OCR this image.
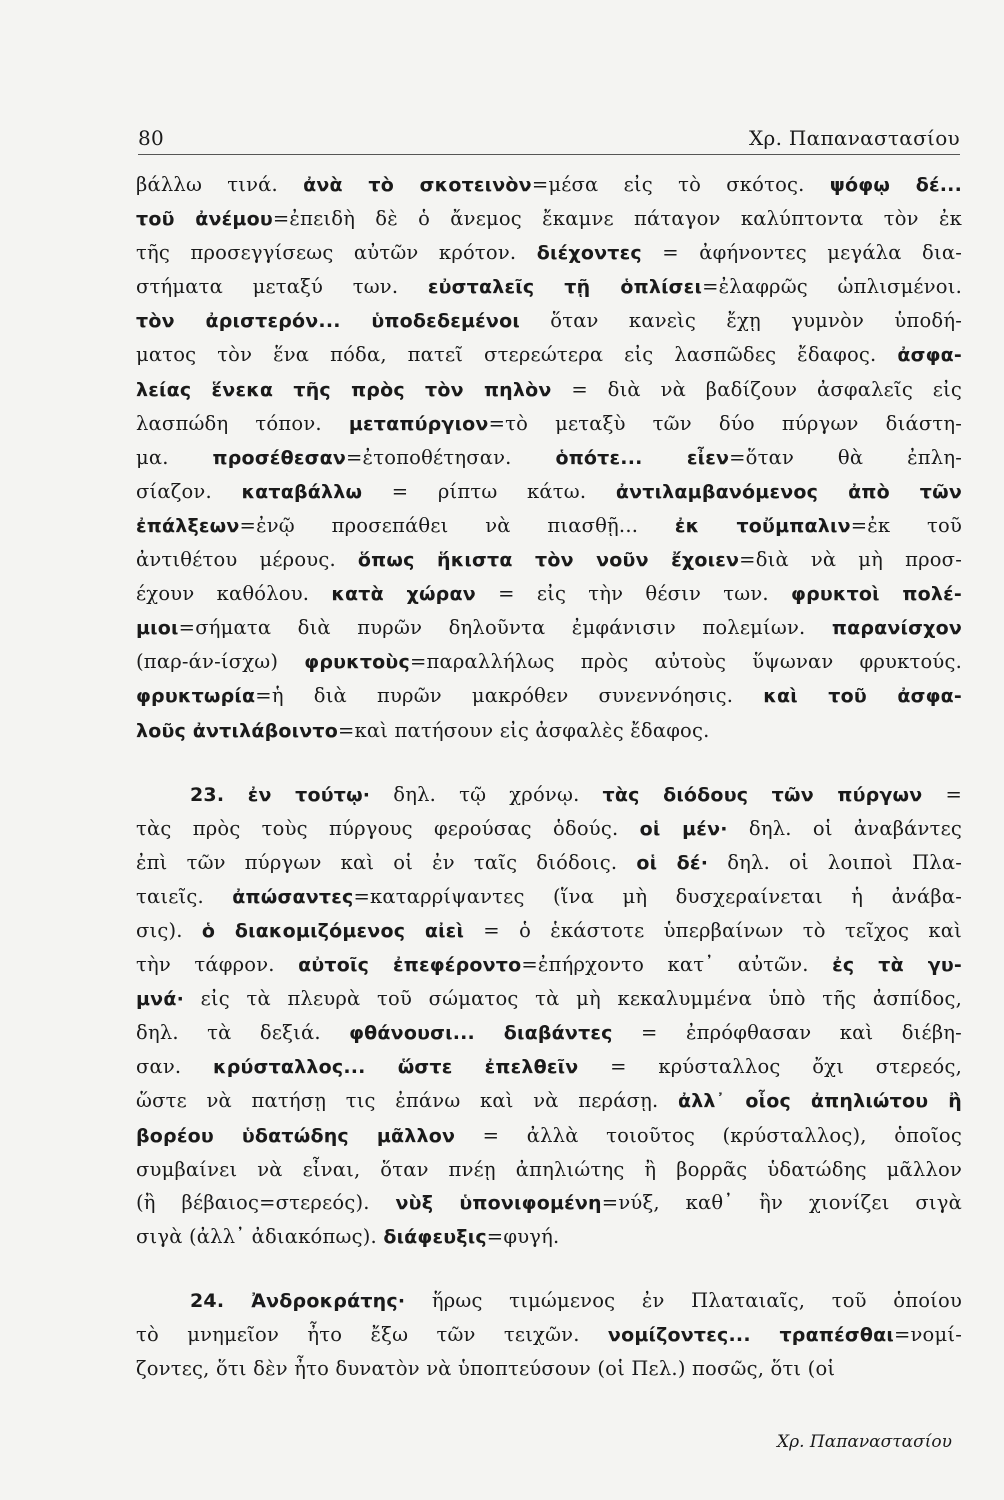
80	Χρ. Παπαναστασίου
βάλλω τινά. ἀνὰ τὸ σκοτεινὸν=μέσα εἰς τὸ σκότος. ψόφῳ δέ...
τοῦ ἀνέμου=ἐπειδὴ δὲ ὁ ἄνεμος ἔκαμνε πάταγον καλύπτοντα τὸν ἐκ
τῆς προσεγγίσεως αὐτῶν κρότον. διέχοντες = ἀφήνοντες μεγάλα δια-
στήματα μεταξύ των. εὐσταλεῖς τῇ ὁπλίσει=ἐλαφρῶς ὡπλισμένοι.
τὸν ἀριστερόν... ὑποδεδεμένοι ὅταν κανεὶς ἔχῃ γυμνὸν ὑποδή-
ματος τὸν ἕνα πόδα, πατεῖ στερεώτερα εἰς λασπῶδες ἔδαφος. ἀσφα-
λείας ἕνεκα τῆς πρὸς τὸν πηλὸν = διὰ νὰ βαδίζουν ἀσφαλεῖς εἰς
λασπώδη τόπον. μεταπύργιον=τὸ μεταξὺ τῶν δύο πύργων διάστη-
μα. προσέθεσαν=ἐτοποθέτησαν. ὁπότε... εἶεν=ὅταν θὰ ἐπλη-
σίαζον. καταβάλλω = ρίπτω κάτω. ἀντιλαμβανόμενος ἀπὸ τῶν
ἐπάλξεων=ἐνῷ προσεπάθει νὰ πιασθῇ... ἐκ τοὔμπαλιν=ἐκ τοῦ
ἀντιθέτου μέρους. ὅπως ἥκιστα τὸν νοῦν ἔχοιεν=διὰ νὰ μὴ προσ-
έχουν καθόλου. κατὰ χώραν = εἰς τὴν θέσιν των. φρυκτοὶ πολέ-
μιοι=σήματα διὰ πυρῶν δηλοῦντα ἐμφάνισιν πολεμίων. παρανίσχον
(παρ-άν-ίσχω) φρυκτοὺς=παραλλήλως πρὸς αὐτοὺς ὕψωναν φρυκτούς.
φρυκτωρία=ἡ διὰ πυρῶν μακρόθεν συνεννόησις. καὶ τοῦ ἀσφα-
λοῦς ἀντιλάβοιντο=καὶ πατήσουν εἰς ἀσφαλὲς ἔδαφος.
23. ἐν τούτῳ· δηλ. τῷ χρόνῳ. τὰς διόδους τῶν πύργων =
τὰς πρὸς τοὺς πύργους φερούσας ὁδούς. οἱ μέν· δηλ. οἱ ἀναβάντες
ἐπὶ τῶν πύργων καὶ οἱ ἐν ταῖς διόδοις. οἱ δέ· δηλ. οἱ λοιποὶ Πλα-
ταιεῖς. ἀπώσαντες=καταρρίψαντες (ἵνα μὴ δυσχεραίνεται ἡ ἀνάβα-
σις). ὁ διακομιζόμενος αἰεὶ = ὁ ἑκάστοτε ὑπερβαίνων τὸ τεῖχος καὶ
τὴν τάφρον. αὐτοῖς ἐπεφέροντο=ἐπήρχοντο κατ᾽ αὐτῶν. ἐς τὰ γυ-
μνά· εἰς τὰ πλευρὰ τοῦ σώματος τὰ μὴ κεκαλυμμένα ὑπὸ τῆς ἀσπίδος,
δηλ. τὰ δεξιά. φθάνουσι... διαβάντες = ἐπρόφθασαν καὶ διέβη-
σαν. κρύσταλλος... ὥστε ἐπελθεῖν = κρύσταλλος ὄχι στερεός,
ὥστε νὰ πατήσῃ τις ἐπάνω καὶ νὰ περάσῃ. ἀλλ᾽ οἷος ἀπηλιώτου ἢ
βορέου ὑδατώδης μᾶλλον = ἀλλὰ τοιοῦτος (κρύσταλλος), ὁποῖος
συμβαίνει νὰ εἶναι, ὅταν πνέῃ ἀπηλιώτης ἢ βορρᾶς ὑδατώδης μᾶλλον
(ἢ βέβαιος=στερεός). νὺξ ὑπονιφομένη=νύξ, καθ᾽ ἣν χιονίζει σιγὰ
σιγὰ (ἀλλ᾽ ἀδιακόπως). διάφευξις=φυγή.
24. Ἀνδροκράτης· ἥρως τιμώμενος ἐν Πλαταιαῖς, τοῦ ὁποίου
τὸ μνημεῖον ἦτο ἔξω τῶν τειχῶν. νομίζοντες... τραπέσθαι=νομί-
ζοντες, ὅτι δὲν ἦτο δυνατὸν νὰ ὑποπτεύσουν (οἱ Πελ.) ποσῶς, ὅτι (οἱ
Χρ. Παπαναστασίου
